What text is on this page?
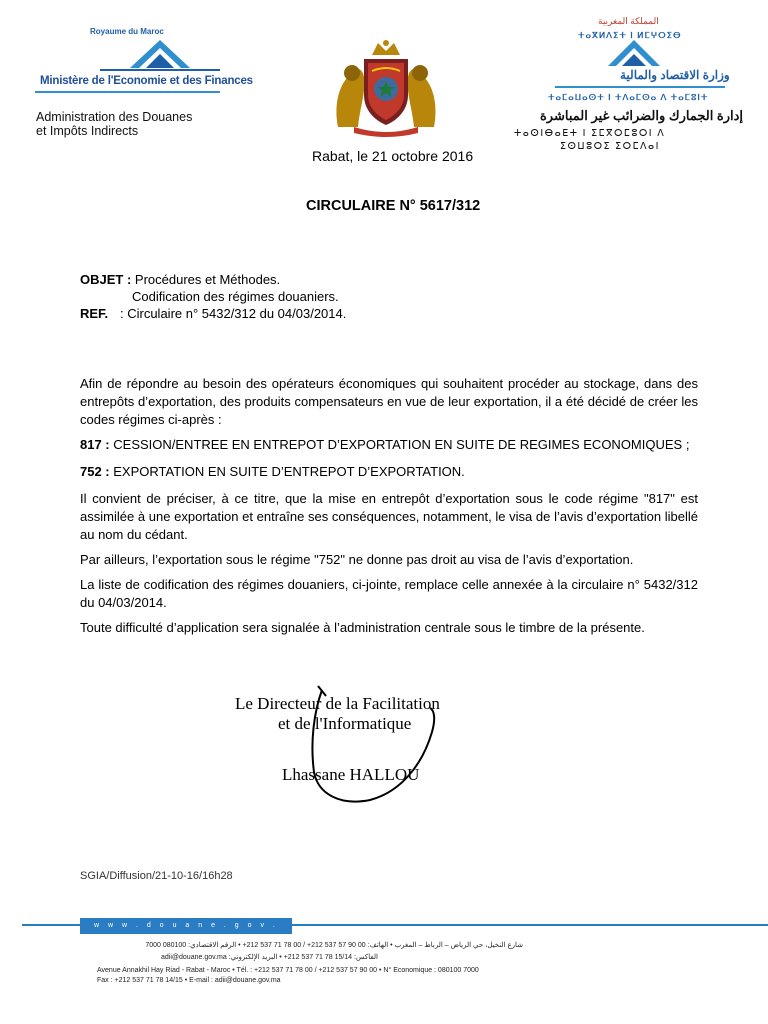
Royaume du Maroc
Ministère de l'Economie et des Finances
Administration des Douanes
et Impôts Indirects
المملكة المغربية
ⵜⴰⴳⵍⴷⵉⵜ ⵏ ⵍⵎⵖⵔⵉⴱ
وزارة الاقتصاد والمالية
ⵜⴰⵎⴰⵡⴰⵙⵜ ⵏ ⵜⴷⴰⵎⵙⴰ ⴷ ⵜⴰⵎⵓⵏⵜ
إدارة الجمارك والضرائب غير المباشرة
ⵜⴰⵙⵏⴱⴰⴹⵜ ⵏ ⵉⵎⴳⵔⵎⵓⵔⵏ ⴷ
ⵉⵙⵡⵓⵔⵉ ⵉⵔⵎⴷⴰⵏ
Rabat, le 21 octobre 2016
CIRCULAIRE N° 5617/312
OBJET : Procédures et Méthodes.
Codification des régimes douaniers.
REF. : Circulaire n° 5432/312 du 04/03/2014.
Afin de répondre au besoin des opérateurs économiques qui souhaitent procéder au stockage, dans des entrepôts d’exportation, des produits compensateurs en vue de leur exportation, il a été décidé de créer les codes régimes ci-après :
817 : CESSION/ENTREE EN ENTREPOT D’EXPORTATION EN SUITE DE REGIMES ECONOMIQUES ;
752 : EXPORTATION EN SUITE D’ENTREPOT D’EXPORTATION.
Il convient de préciser, à ce titre, que la mise en entrepôt d’exportation sous le code régime "817" est assimilée à une exportation et entraîne ses conséquences, notamment, le visa de l’avis d’exportation libellé au nom du cédant.
Par ailleurs, l’exportation sous le régime "752" ne donne pas droit au visa de l’avis d’exportation.
La liste de codification des régimes douaniers, ci-jointe, remplace celle annexée à la circulaire n° 5432/312 du 04/03/2014.
Toute difficulté d’application sera signalée à l’administration centrale sous le timbre de la présente.
Le Directeur de la Facilitation
et de l'Informatique
Lhassane HALLOU
SGIA/Diffusion/21-10-16/16h28
w w w . d o u a n e . g o v . m a
شارع النخيل، حي الرياض – الرباط – المغرب • الهاتف: 00 90 57 537 212+ / 00 78 71 537 212+ • الرقم الاقتصادي: 080100 7000
الفاكس: 15/14 78 71 537 212+ • البريد الإلكتروني: adii@douane.gov.ma
Avenue Annakhil Hay Riad - Rabat - Maroc • Tél. : +212 537 71 78 00 / +212 537 57 90 00 • N° Economique : 080100 7000
Fax : +212 537 71 78 14/15 • E-mail : adii@douane.gov.ma
